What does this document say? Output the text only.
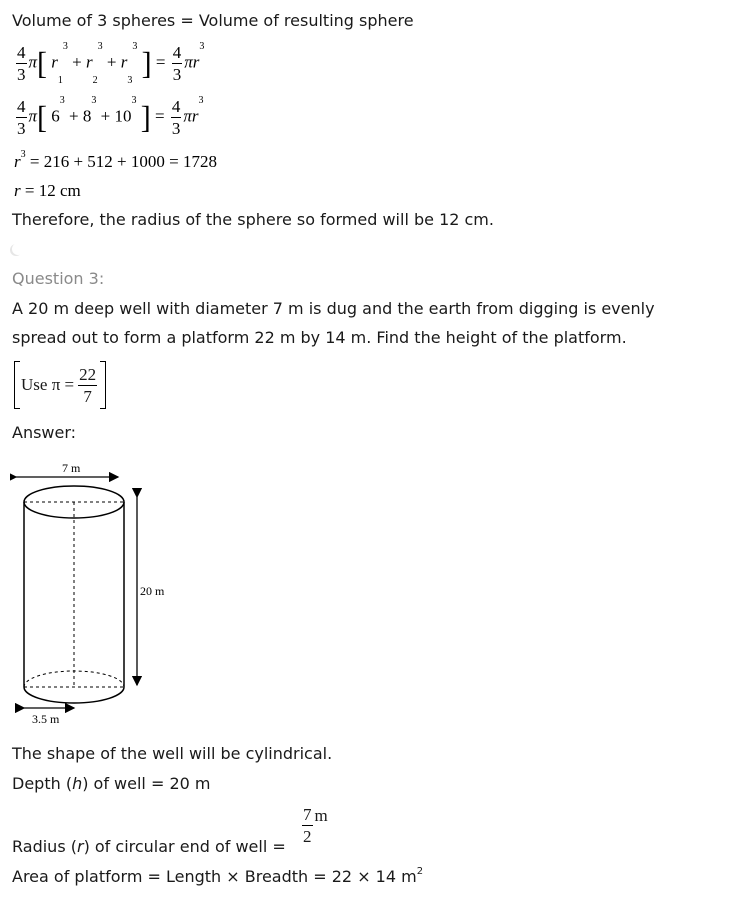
Volume of 3 spheres = Volume of resulting sphere
$\frac{4}{3} \pi$[ $r_1^3 + r_2^3 + r_3^3$ ] = $\frac{4}{3} \pi r^3$
$\frac{4}{3} \pi$[ $6^3 + 8^3 + 10^3$ ] = $\frac{4}{3} \pi r^3$
$r^3 = 216 + 512 + 1000 = 1728$
r = 12 cm
Therefore, the radius of the sphere so formed will be 12 cm.
Question 3:
A 20 m deep well with diameter 7 m is dug and the earth from digging is evenly
spread out to form a platform 22 m by 14 m. Find the height of the platform.
Use $\pi = \frac{22}{7}$
Answer:
7 m
20 m
3.5 m
The shape of the well will be cylindrical.
Depth (h) of well = 20 m
Radius (r) of circular end of well =
$\frac{7}{2}$ m
Area of platform = Length × Breadth = 22 × 14 $m^2$
